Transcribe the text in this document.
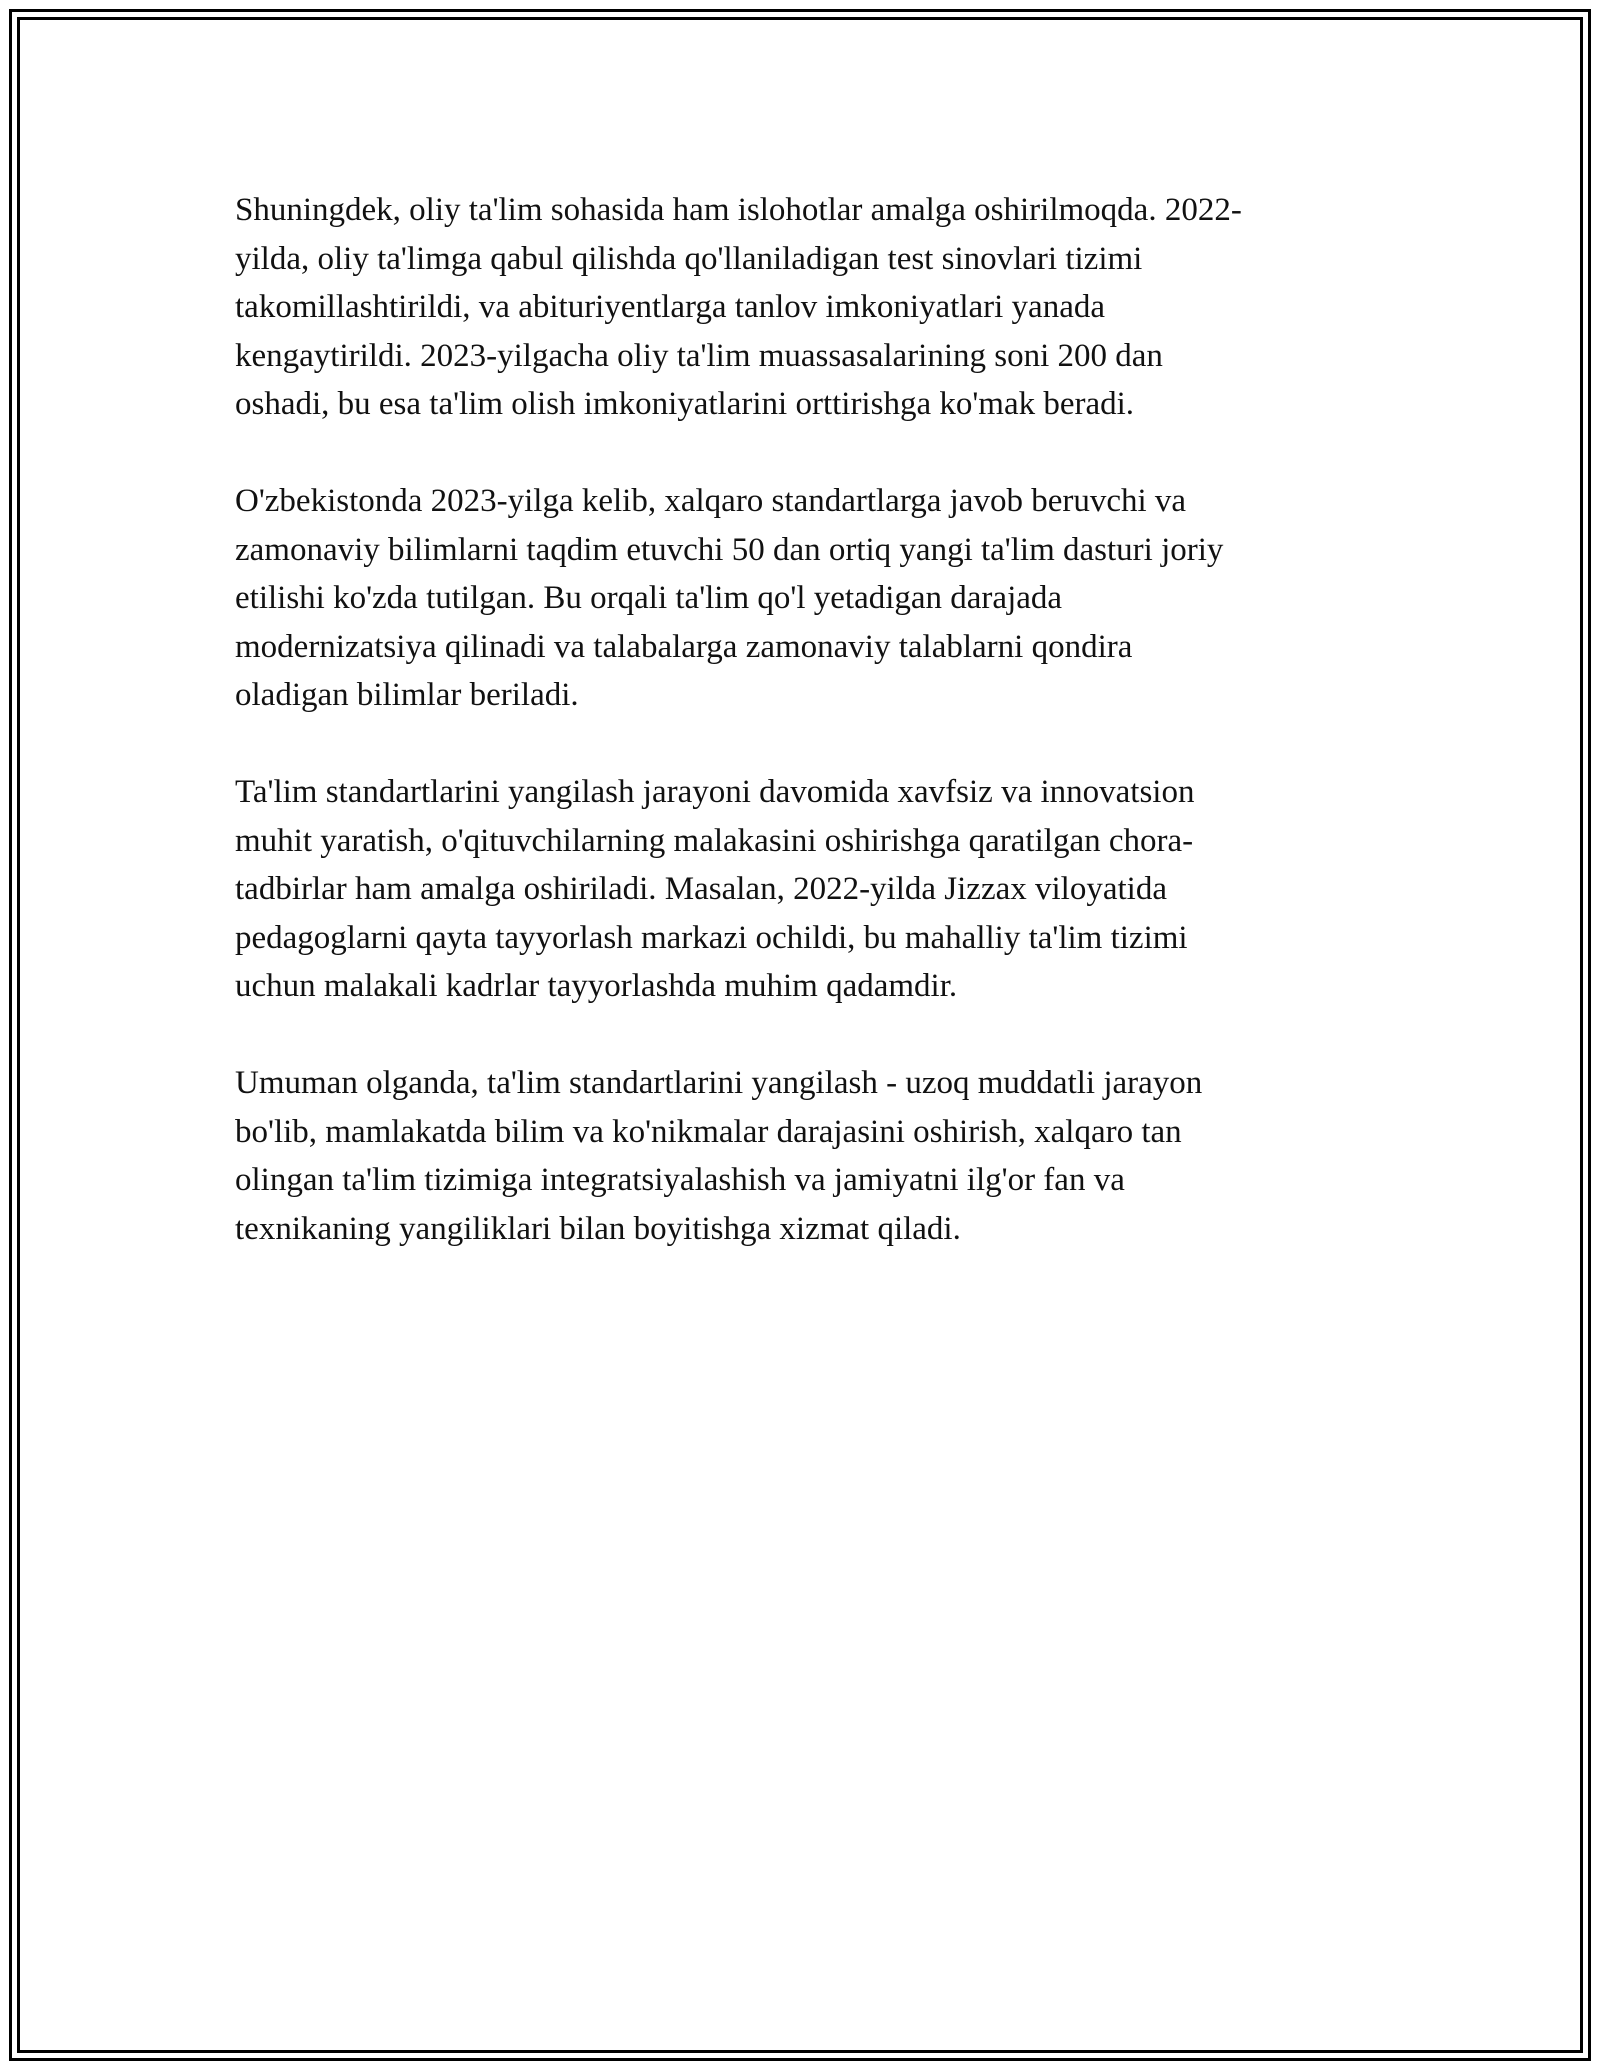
Shuningdek, oliy ta'lim sohasida ham islohotlar amalga oshirilmoqda. 2022-
yilda, oliy ta'limga qabul qilishda qo'llaniladigan test sinovlari tizimi
takomillashtirildi, va abituriyentlarga tanlov imkoniyatlari yanada
kengaytirildi. 2023-yilgacha oliy ta'lim muassasalarining soni 200 dan
oshadi, bu esa ta'lim olish imkoniyatlarini orttirishga ko'mak beradi.

O'zbekistonda 2023-yilga kelib, xalqaro standartlarga javob beruvchi va
zamonaviy bilimlarni taqdim etuvchi 50 dan ortiq yangi ta'lim dasturi joriy
etilishi ko'zda tutilgan. Bu orqali ta'lim qo'l yetadigan darajada
modernizatsiya qilinadi va talabalarga zamonaviy talablarni qondira
oladigan bilimlar beriladi.

Ta'lim standartlarini yangilash jarayoni davomida xavfsiz va innovatsion
muhit yaratish, o'qituvchilarning malakasini oshirishga qaratilgan chora-
tadbirlar ham amalga oshiriladi. Masalan, 2022-yilda Jizzax viloyatida
pedagoglarni qayta tayyorlash markazi ochildi, bu mahalliy ta'lim tizimi
uchun malakali kadrlar tayyorlashda muhim qadamdir.

Umuman olganda, ta'lim standartlarini yangilash - uzoq muddatli jarayon
bo'lib, mamlakatda bilim va ko'nikmalar darajasini oshirish, xalqaro tan
olingan ta'lim tizimiga integratsiyalashish va jamiyatni ilg'or fan va
texnikaning yangiliklari bilan boyitishga xizmat qiladi.
